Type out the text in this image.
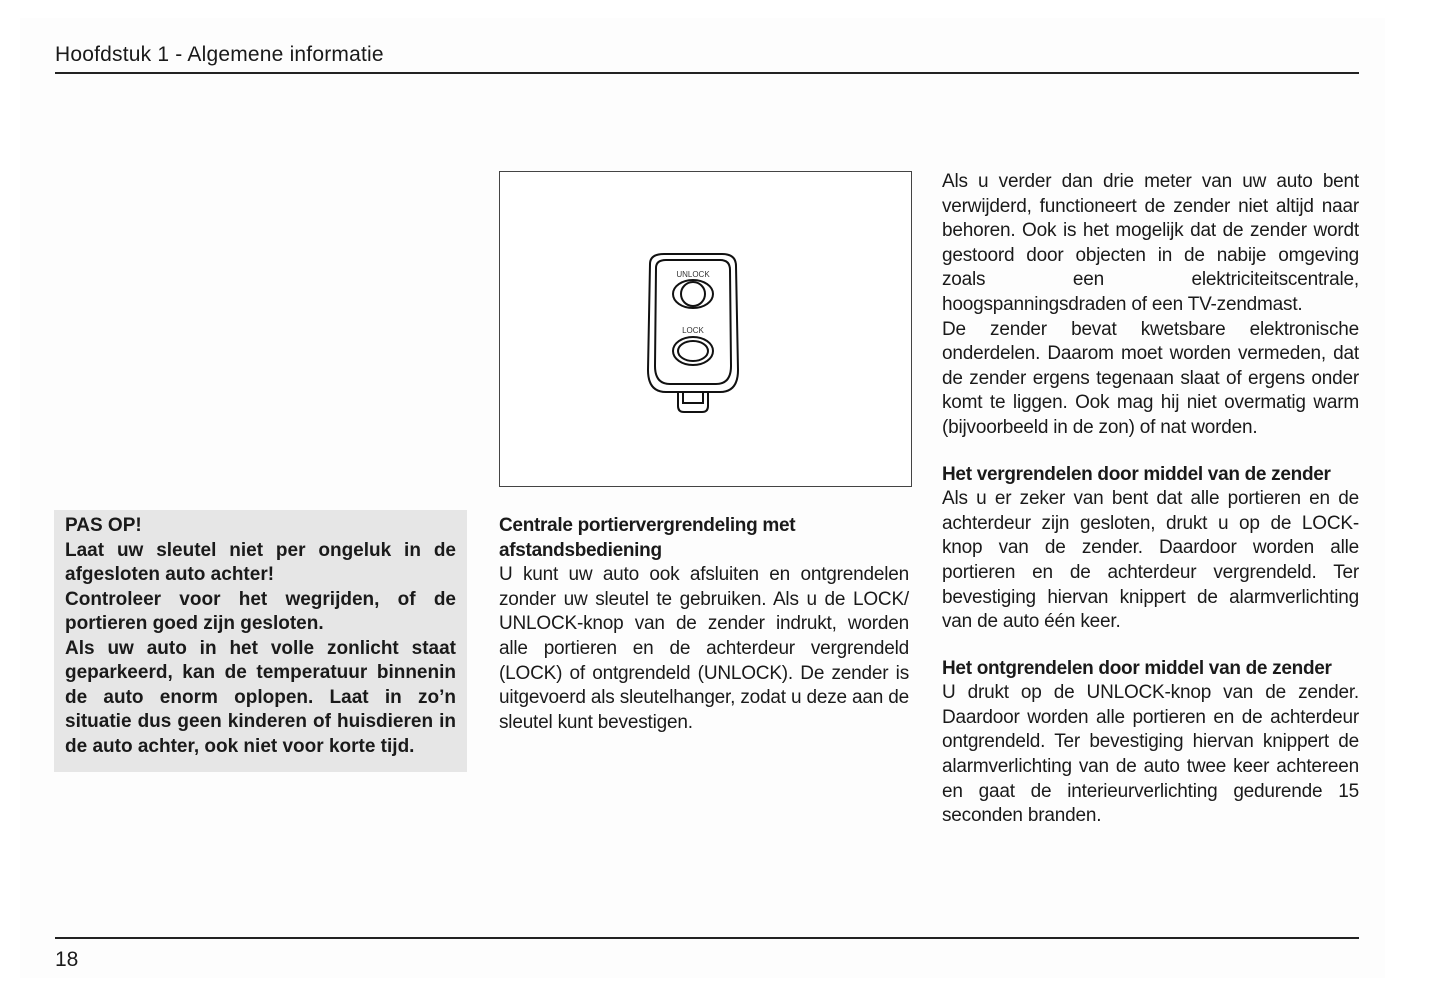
Hoofdstuk 1 - Algemene informatie

PAS OP!

Laat uw sleutel niet per ongeluk in de afgesloten auto achter!

Controleer voor het wegrijden, of de portieren goed zijn gesloten.

Als uw auto in het volle zonlicht staat geparkeerd, kan de temperatuur binnenin de auto enorm oplopen. Laat in zo’n situatie dus geen kinderen of huisdieren in de auto achter, ook niet voor korte tijd.

UNLOCK
LOCK
Centrale portiervergrendeling met afstandsbediening

U kunt uw auto ook afsluiten en ontgrendelen zonder uw sleutel te gebruiken. Als u de LOCK/ UNLOCK-knop van de zender indrukt, worden alle portieren en de achterdeur vergrendeld (LOCK) of ontgrendeld (UNLOCK). De zender is uitgevoerd als sleutelhanger, zodat u deze aan de sleutel kunt bevestigen.

Als u verder dan drie meter van uw auto bent verwijderd, functioneert de zender niet altijd naar behoren. Ook is het mogelijk dat de zender wordt gestoord door objecten in de nabije omgeving zoals een elektriciteitscentrale, hoogspanningsdraden of een TV-zendmast.

De zender bevat kwetsbare elektronische onderdelen. Daarom moet worden vermeden, dat de zender ergens tegenaan slaat of ergens onder komt te liggen. Ook mag hij niet overmatig warm (bijvoorbeeld in de zon) of nat worden.

Het vergrendelen door middel van de zender

Als u er zeker van bent dat alle portieren en de achterdeur zijn gesloten, drukt u op de LOCK-knop van de zender. Daardoor worden alle portieren en de achterdeur vergrendeld. Ter bevestiging hiervan knippert de alarmverlichting van de auto één keer.

Het ontgrendelen door middel van de zender

U drukt op de UNLOCK-knop van de zender. Daardoor worden alle portieren en de achterdeur ontgrendeld. Ter bevestiging hiervan knippert de alarmverlichting van de auto twee keer achtereen en gaat de interieurverlichting gedurende 15 seconden branden.

18
